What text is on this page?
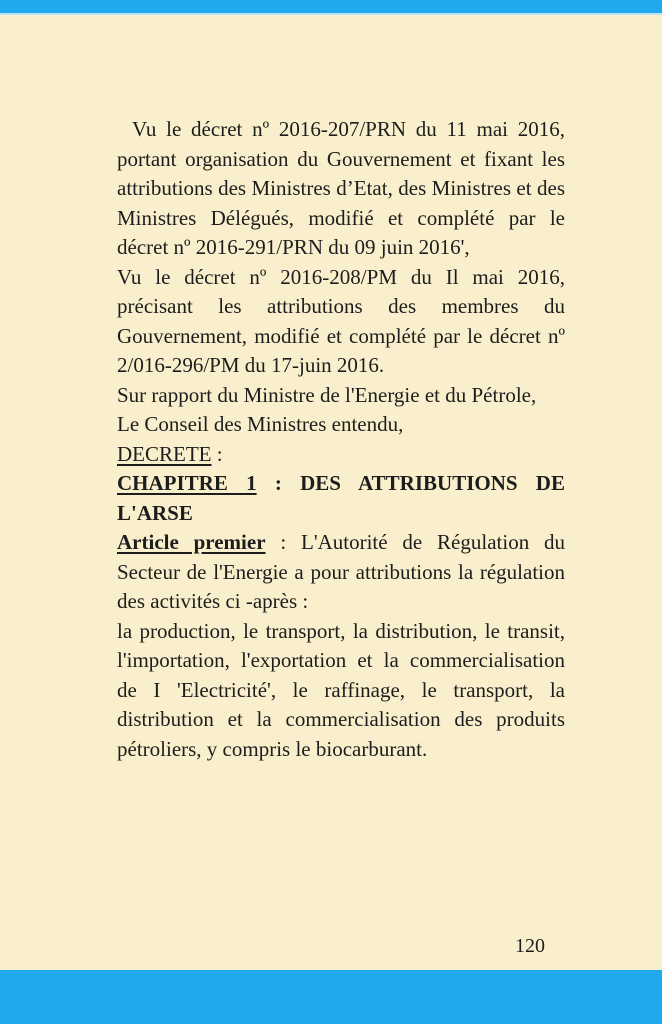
Vu le décret nº 2016-207/PRN du 11 mai 2016, portant organisation du Gouvernement et fixant les attributions des Ministres d’Etat, des Ministres et des Ministres Délégués, modifié et complété par le décret nº 2016-291/PRN du 09 juin 2016',

Vu le décret nº 2016-208/PM du Il mai 2016, précisant les attributions des membres du Gouvernement, modifié et complété par le décret nº 2/016-296/PM du 17-juin 2016.

Sur rapport du Ministre de l'Energie et du Pétrole,

Le Conseil des Ministres entendu,

DECRETE :

CHAPITRE 1 : DES ATTRIBUTIONS DE L'ARSE

Article premier : L'Autorité de Régulation du Secteur de l'Energie a pour attributions la régulation des activités ci -après :

la production, le transport, la distribution, le transit, l'importation, l'exportation et la commercialisation de I 'Electricité', le raffinage, le transport, la distribution et la commercialisation des produits pétroliers, y compris le biocarburant.

120
